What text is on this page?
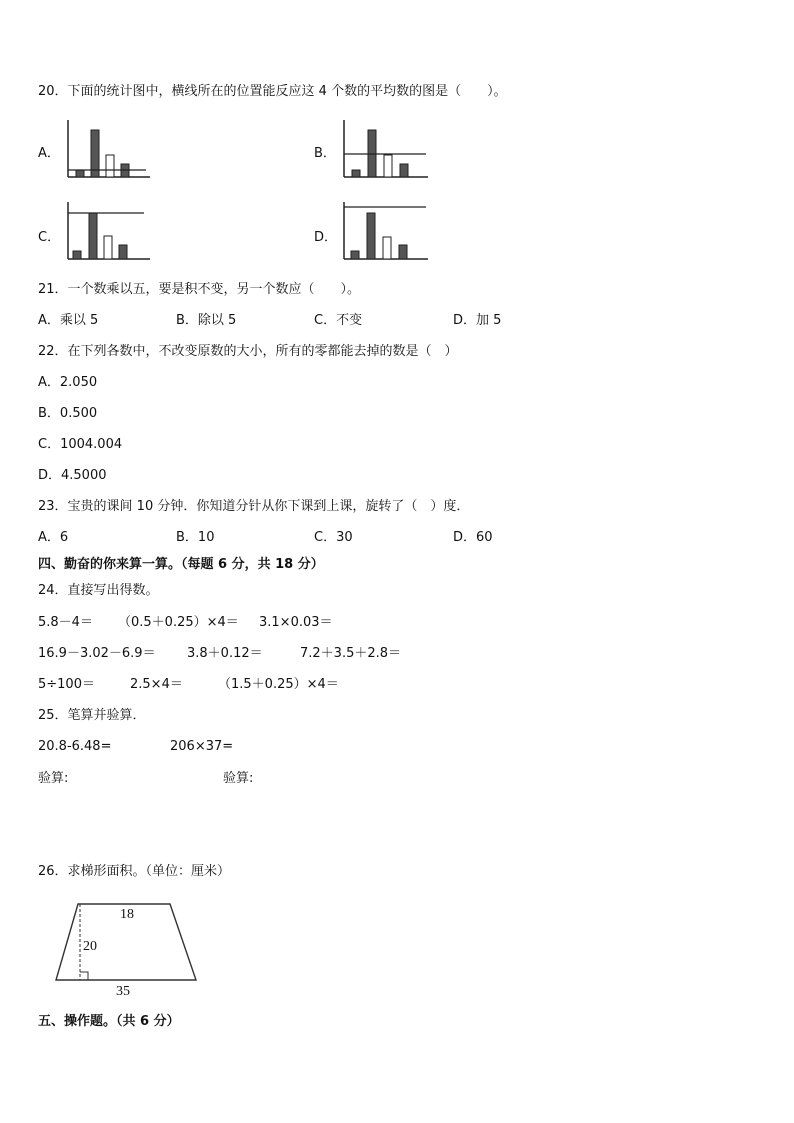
20．下面的统计图中，横线所在的位置能反应这 4 个数的平均数的图是（　　）。
A．	B．
C．	D．
21．一个数乘以五，要是积不变，另一个数应（　　）。
A．乘以 5	B．除以 5	C．不变	D．加 5
22．在下列各数中，不改变原数的大小，所有的零都能去掉的数是（　）
A．2.050
B．0.500
C．1004.004
D．4.5000
23．宝贵的课间 10 分钟．你知道分针从你下课到上课，旋转了（　）度．
A．6	B．10	C．30	D．60
四、勤奋的你来算一算。（每题 6 分，共 18 分）
24．直接写出得数。
5.8－4＝ （0.5＋0.25）×4＝ 3.1×0.03＝
16.9－3.02－6.9＝ 3.8＋0.12＝	7.2＋3.5＋2.8＝
5÷100＝	2.5×4＝	（1.5＋0.25）×4＝
25．笔算并验算．
20.8-6.48=	206×37=
验算:	验算:
26．求梯形面积。（单位：厘米）
18
20
35
五、操作题。（共 6 分）
